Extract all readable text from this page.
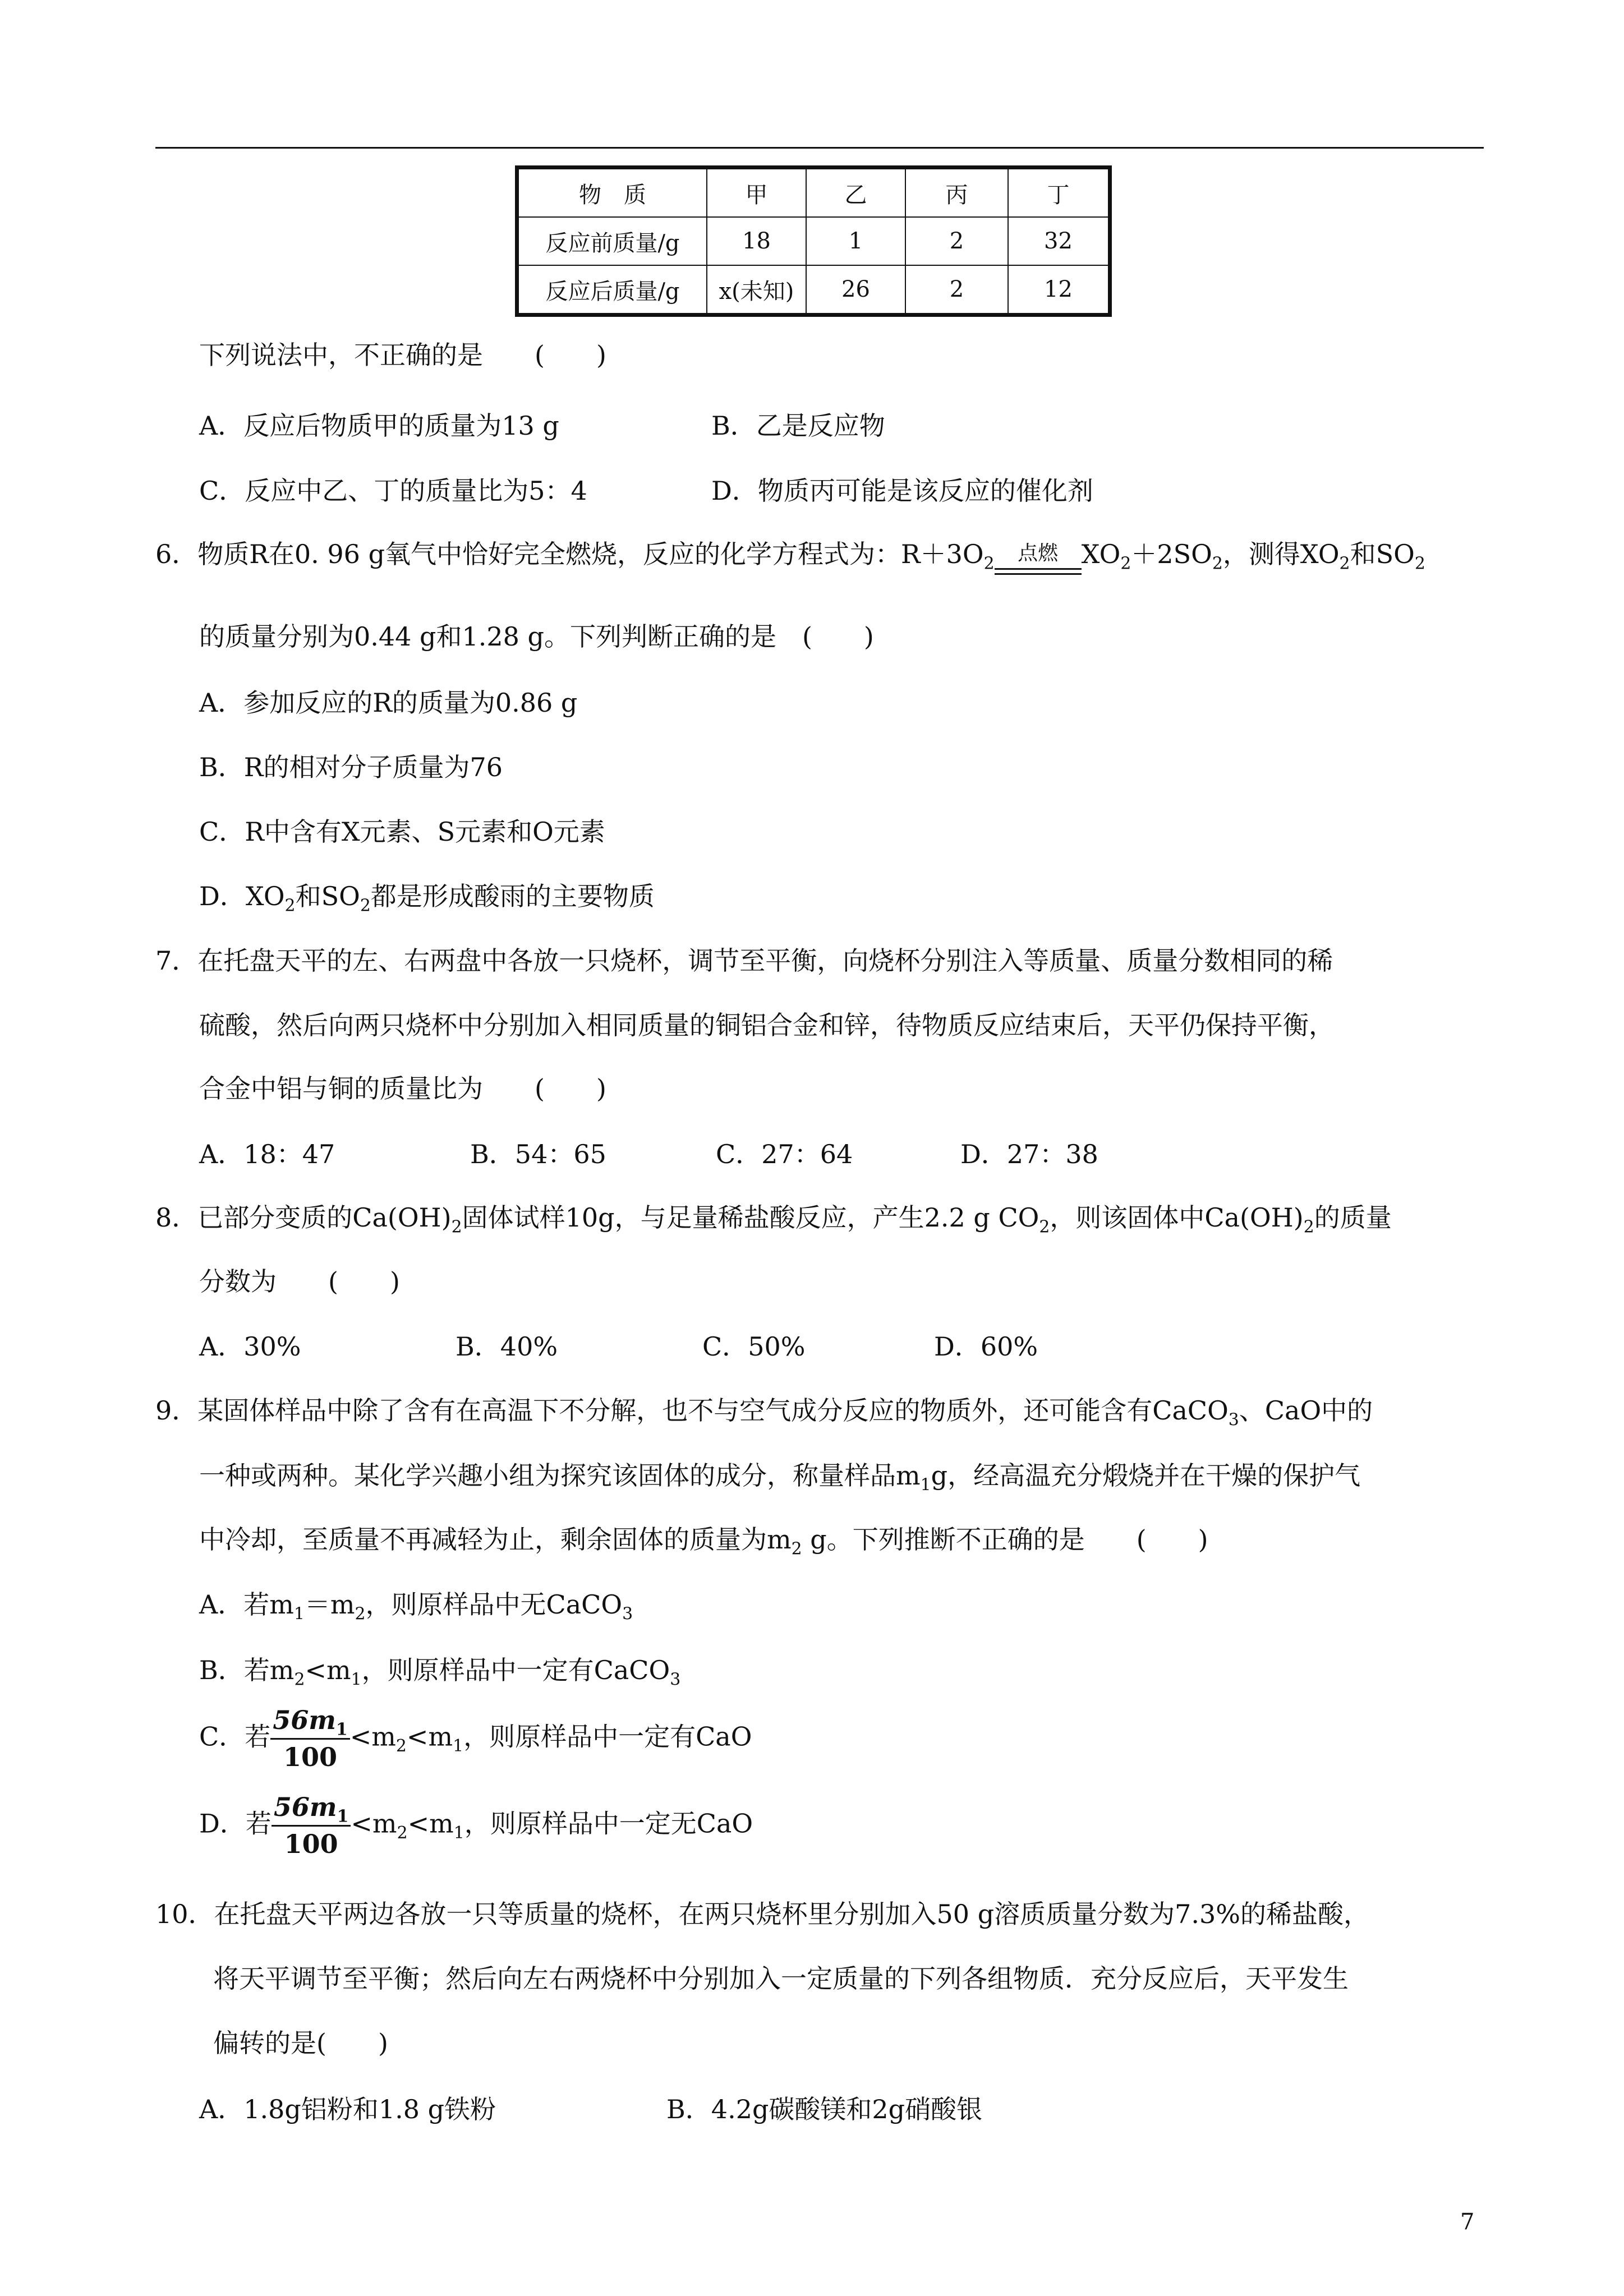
物　质	甲	乙	丙	丁
反应前质量/g	18	1	2	32
反应后质量/g	x(未知)	26	2	12
下列说法中，不正确的是　　(　　)
A．反应后物质甲的质量为13 g	B．乙是反应物
C．反应中乙、丁的质量比为5：4	D．物质丙可能是该反应的催化剂
6．物质R在0. 96 g氧气中恰好完全燃烧，反应的化学方程式为：$R+3O_2$	点燃 $XO_2+2SO_2$，测得$XO_2$和$SO_2$
的质量分别为0.44 g和1.28 g。下列判断正确的是　(　　)
A．参加反应的R的质量为0.86 g
B．R的相对分子质量为76
C．R中含有X元素、S元素和O元素
D．$XO_2$和$SO_2$都是形成酸雨的主要物质
7．在托盘天平的左、右两盘中各放一只烧杯，调节至平衡，向烧杯分别注入等质量、质量分数相同的稀
硫酸，然后向两只烧杯中分别加入相同质量的铜铝合金和锌，待物质反应结束后，天平仍保持平衡，
合金中铝与铜的质量比为　　(　　)
A．18：47	B．54：65	C．27：64	D．27：38
8．已部分变质的$Ca(OH)_2$固体试样10g，与足量稀盐酸反应，产生2.2 g $CO_2$，则该固体中$Ca(OH)_2$的质量
分数为　　(　　)
A．30%	B．40%	C．50%	D．60%
9．某固体样品中除了含有在高温下不分解，也不与空气成分反应的物质外，还可能含有CaCO$_3$、CaO中的
一种或两种。某化学兴趣小组为探究该固体的成分，称量样品$m_1g$，经高温充分煅烧并在干燥的保护气
中冷却，至质量不再减轻为止，剩余固体的质量为$m_2$ g。下列推断不正确的是　　(　　)
A．若$m_1=m_2$，则原样品中无CaCO$_3$
B．若$m_2<m_1$，则原样品中一定有CaCO$_3$
C．若 $\frac{56m_1}{100} <m_2<m_1$，则原样品中一定有CaO
D．若 $\frac{56m_1}{100} <m_2<m_1$，则原样品中一定无CaO
10．在托盘天平两边各放一只等质量的烧杯，在两只烧杯里分别加入50 g溶质质量分数为7.3%的稀盐酸，
将天平调节至平衡；然后向左右两烧杯中分别加入一定质量的下列各组物质．充分反应后，天平发生
偏转的是(　　)
A．1.8g铝粉和1.8 g铁粉	B．4.2g碳酸镁和2g硝酸银
7
